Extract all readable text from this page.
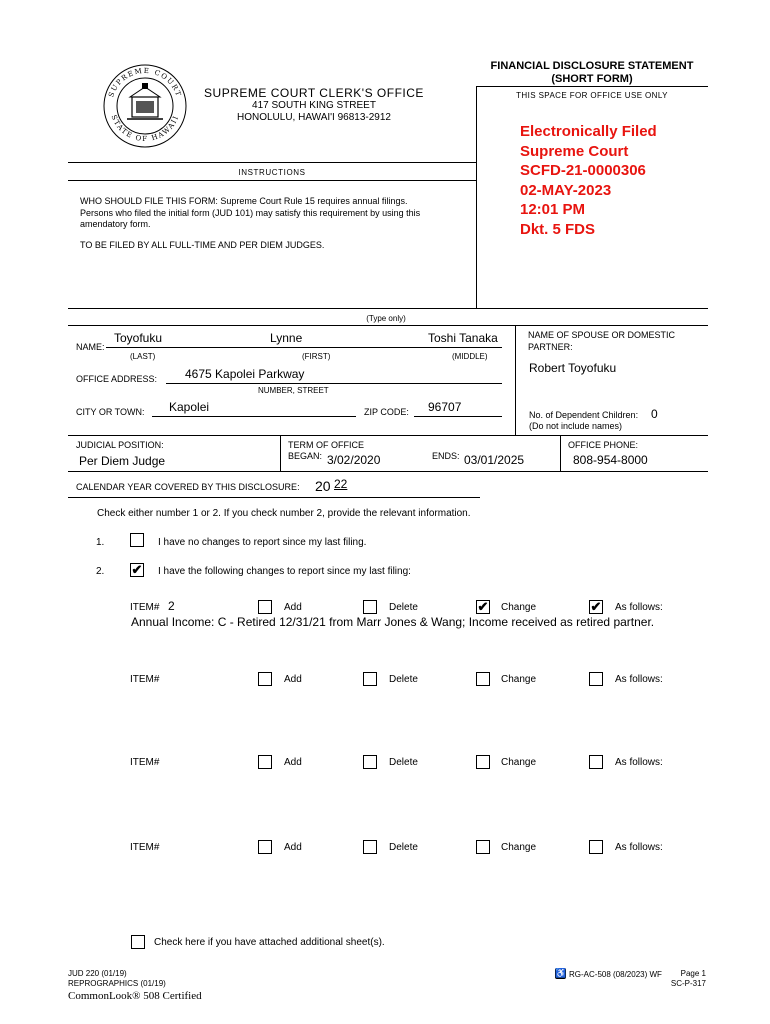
SUPREME COURT
STATE OF HAWAII
SUPREME COURT CLERK'S OFFICE
417 SOUTH KING STREET
HONOLULU, HAWAI'I 96813-2912
FINANCIAL DISCLOSURE STATEMENT
(SHORT FORM)
THIS SPACE FOR OFFICE USE ONLY
Electronically Filed
Supreme Court
SCFD-21-0000306
02-MAY-2023
12:01 PM
Dkt. 5 FDS
INSTRUCTIONS
WHO SHOULD FILE THIS FORM: Supreme Court Rule 15 requires annual filings.
Persons who filed the initial form (JUD 101) may satisfy this requirement by using this
amendatory form.
TO BE FILED BY ALL FULL-TIME AND PER DIEM JUDGES.
(Type only)
NAME:
Toyofuku	Lynne	Toshi Tanaka
(LAST)	(FIRST)	(MIDDLE)
NAME OF SPOUSE OR DOMESTIC
PARTNER:
Robert Toyofuku
OFFICE ADDRESS: 4675 Kapolei Parkway
NUMBER, STREET
CITY OR TOWN: Kapolei	ZIP CODE: 96707
No. of Dependent Children: 0
(Do not include names)
JUDICIAL POSITION:
Per Diem Judge
TERM OF OFFICE
BEGAN: 3/02/2020	ENDS: 03/01/2025
OFFICE PHONE:
808-954-8000
CALENDAR YEAR COVERED BY THIS DISCLOSURE: 20 22
Check either number 1 or 2. If you check number 2, provide the relevant information.
1.	I have no changes to report since my last filing.
2. ✔ I have the following changes to report since my last filing:
ITEM# 2	Add	Delete	✔ Change	✔ As follows:
Annual Income: C - Retired 12/31/21 from Marr Jones & Wang; Income received as retired partner.
ITEM#	Add	Delete	Change	As follows:
ITEM#	Add	Delete	Change	As follows:
ITEM#	Add	Delete	Change	As follows:
Check here if you have attached additional sheet(s).
JUD 220 (01/19)
REPROGRAPHICS (01/19)
CommonLook® 508 Certified
♿ RG-AC-508 (08/2023) WF Page 1
SC-P-317
